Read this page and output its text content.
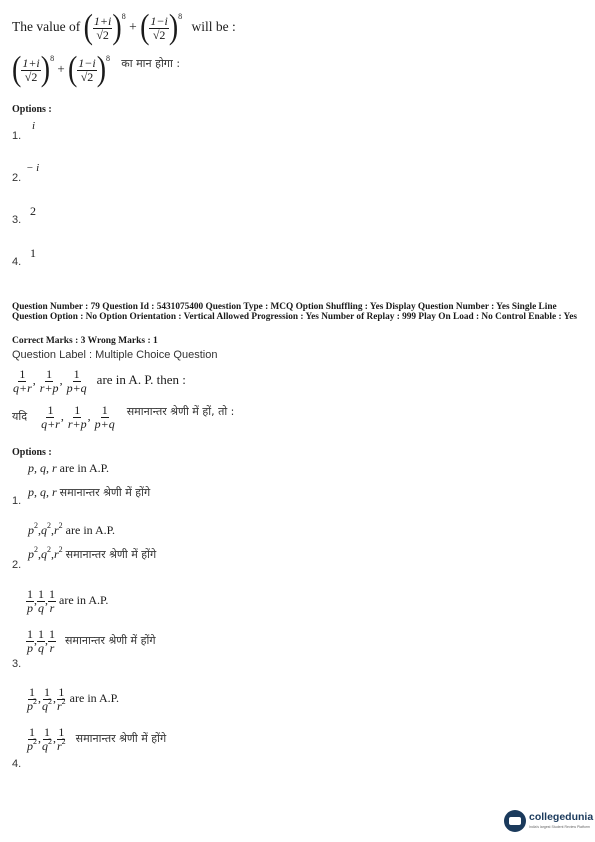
The value of ( $\frac{1+i}{√2} )^8$ + ( $\frac{1-i}{√2} )^8$ will be :
( $\frac{1+i}{√2} )^8$ + ( $\frac{1-i}{√2} )^8$ $^{का मान होगा :}$
Options :
i
1.
− i
2.
2
3.
1
4.
Question Number : 79 Question Id : 5431075400 Question Type : MCQ Option Shuffling : Yes Display Question Number : Yes Single Line Question Option : No Option Orientation : Vertical Allowed Progression : Yes Number of Replay : 999 Play On Load : No Control Enable : Yes
Correct Marks : 3 Wrong Marks : 1
Question Label : Multiple Choice Question
$\frac{1}{q+r}$ , $\frac{1}{r+p}$ , $\frac{1}{p+q}$ are in A. P. then :
यदि $\frac{1}{q+r}$ , $\frac{1}{r+p}$ , $\frac{1}{p+q}$ समानान्तर श्रेणी में हों, तो :
Options :
p, q, r are in A.P.
p, q, r समानान्तर श्रेणी में होंगे
1.
$p^2,q^2,r^2$ are in A.P.
$p^2,q^2,r^2$ समानान्तर श्रेणी में होंगे
2.
$\frac{1}{p}$ , $\frac{1}{q}$ , $\frac{1}{r}$ are in A.P.
$\frac{1}{p}$ , $\frac{1}{q}$ , $\frac{1}{r}$ समानान्तर श्रेणी में होंगे
3.
$\frac{1}{p^2}$ , $\frac{1}{q^2}$ , $\frac{1}{r^2}$ are in A.P.
$\frac{1}{p^2}$ , $\frac{1}{q^2}$ , $\frac{1}{r^2}$ समानान्तर श्रेणी में होंगे
4.
collegedunia
India's largest Student Review Platform
